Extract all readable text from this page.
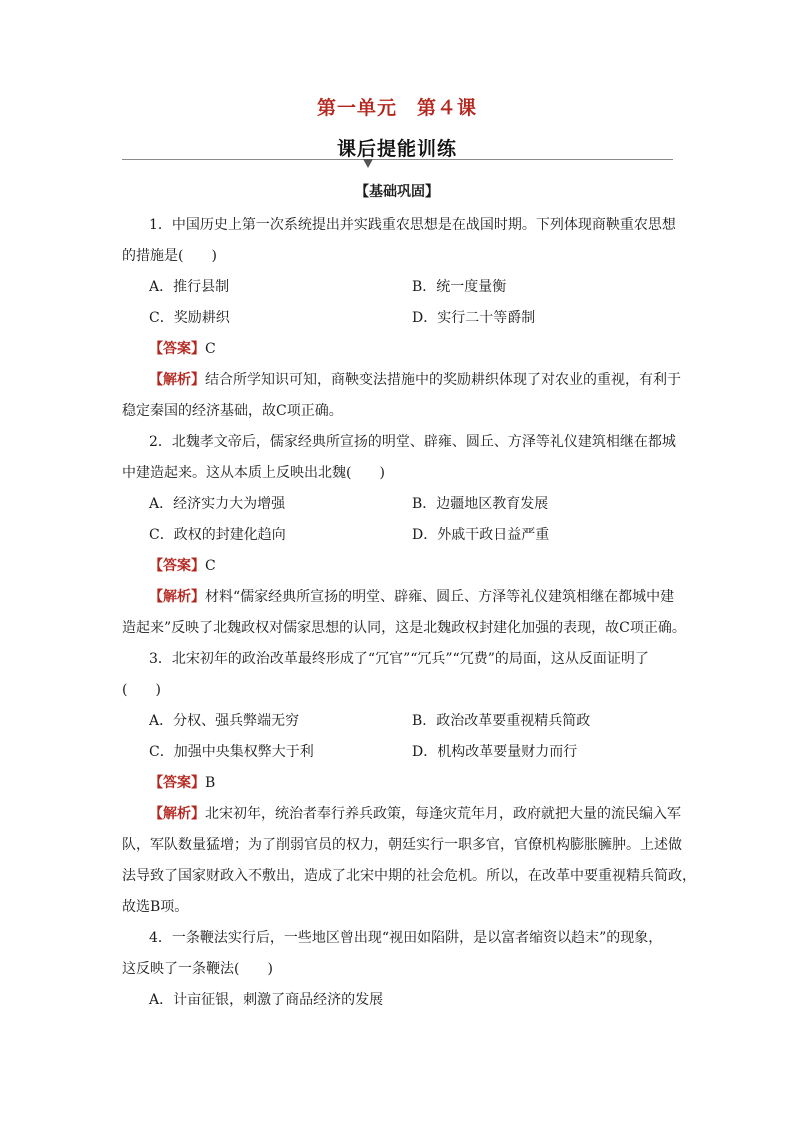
第一单元　第４课
课后提能训练
【基础巩固】
1．中国历史上第一次系统提出并实践重农思想是在战国时期。下列体现商鞅重农思想
的措施是(　　)
A．推行县制	B．统一度量衡
C．奖励耕织	D．实行二十等爵制
【答案】C
【解析】结合所学知识可知，商鞅变法措施中的奖励耕织体现了对农业的重视，有利于
稳定秦国的经济基础，故C项正确。
2．北魏孝文帝后，儒家经典所宣扬的明堂、辟雍、圆丘、方泽等礼仪建筑相继在都城
中建造起来。这从本质上反映出北魏(　　)
A．经济实力大为增强	B．边疆地区教育发展
C．政权的封建化趋向	D．外戚干政日益严重
【答案】C
【解析】材料“儒家经典所宣扬的明堂、辟雍、圆丘、方泽等礼仪建筑相继在都城中建
造起来”反映了北魏政权对儒家思想的认同，这是北魏政权封建化加强的表现，故C项正确。
3．北宋初年的政治改革最终形成了“冗官”“冗兵”“冗费”的局面，这从反面证明了
(　　)
A．分权、强兵弊端无穷	B．政治改革要重视精兵简政
C．加强中央集权弊大于利	D．机构改革要量财力而行
【答案】B
【解析】北宋初年，统治者奉行养兵政策，每逢灾荒年月，政府就把大量的流民编入军
队，军队数量猛增；为了削弱官员的权力，朝廷实行一职多官，官僚机构膨胀臃肿。上述做
法导致了国家财政入不敷出，造成了北宋中期的社会危机。所以，在改革中要重视精兵简政，
故选B项。
4．一条鞭法实行后，一些地区曾出现“视田如陷阱，是以富者缩资以趋末”的现象，
这反映了一条鞭法(　　)
A．计亩征银，刺激了商品经济的发展
